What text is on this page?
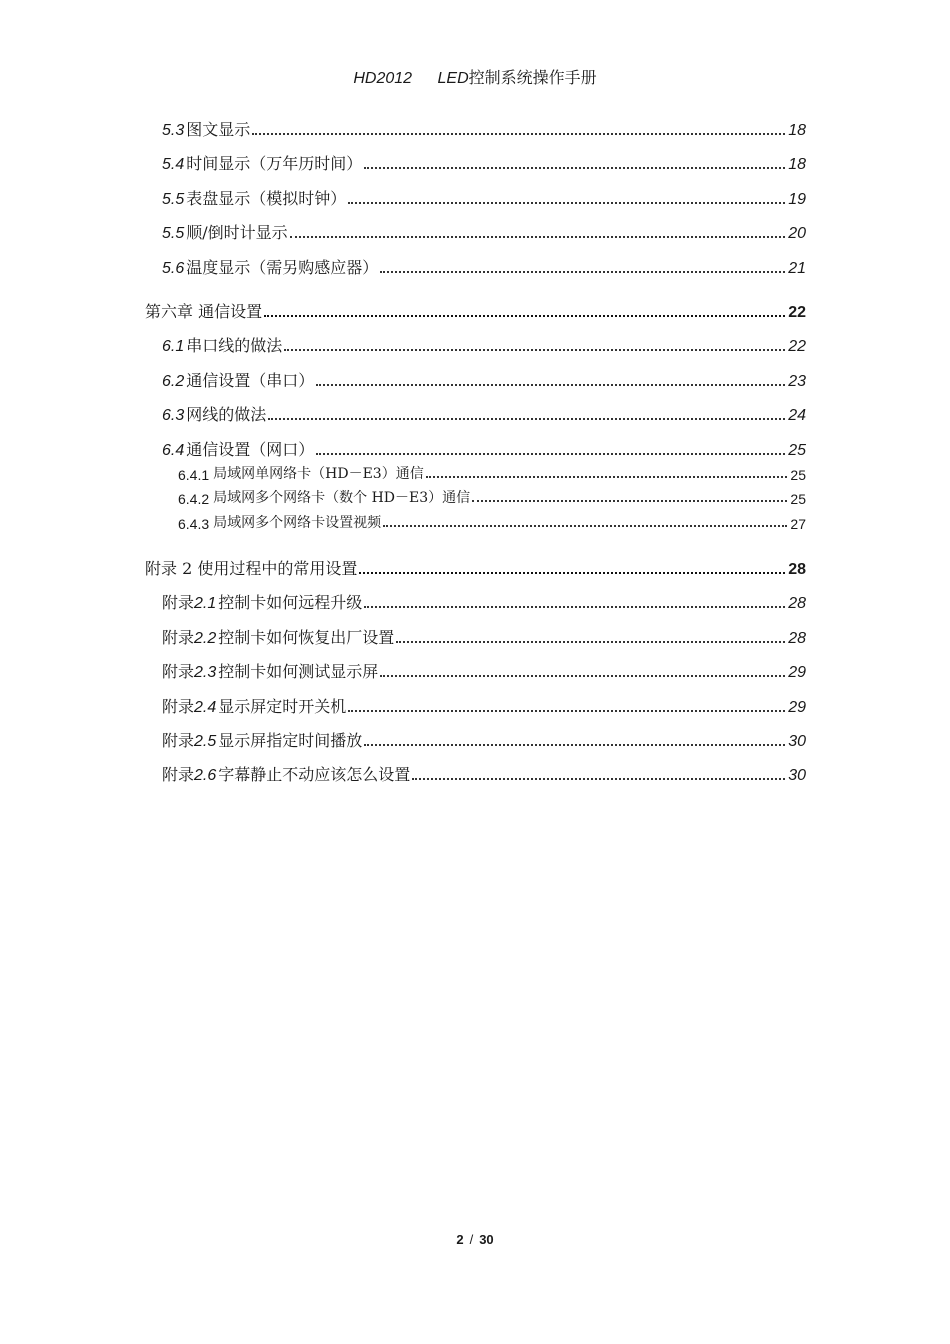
HD2012 LED控制系统操作手册
5.3 图文显示	18
5.4 时间显示（万年历时间）	18
5.5 表盘显示（模拟时钟）	19
5.5 顺/倒时计显示	20
5.6 温度显示（需另购感应器）	21
第六章 通信设置	22
6.1 串口线的做法	22
6.2 通信设置（串口）	23
6.3 网线的做法	24
6.4 通信设置（网口）	25
6.4.1 局域网单网络卡（HD－E3）通信	25
6.4.2 局域网多个网络卡（数个 HD－E3）通信	25
6.4.3 局域网多个网络卡设置视频	27
附录 2 使用过程中的常用设置	28
附录 2.1 控制卡如何远程升级	28
附录 2.2 控制卡如何恢复出厂设置	28
附录 2.3 控制卡如何测试显示屏	29
附录 2.4 显示屏定时开关机	29
附录 2.5 显示屏指定时间播放	30
附录 2.6 字幕静止不动应该怎么设置	30
2 / 30
